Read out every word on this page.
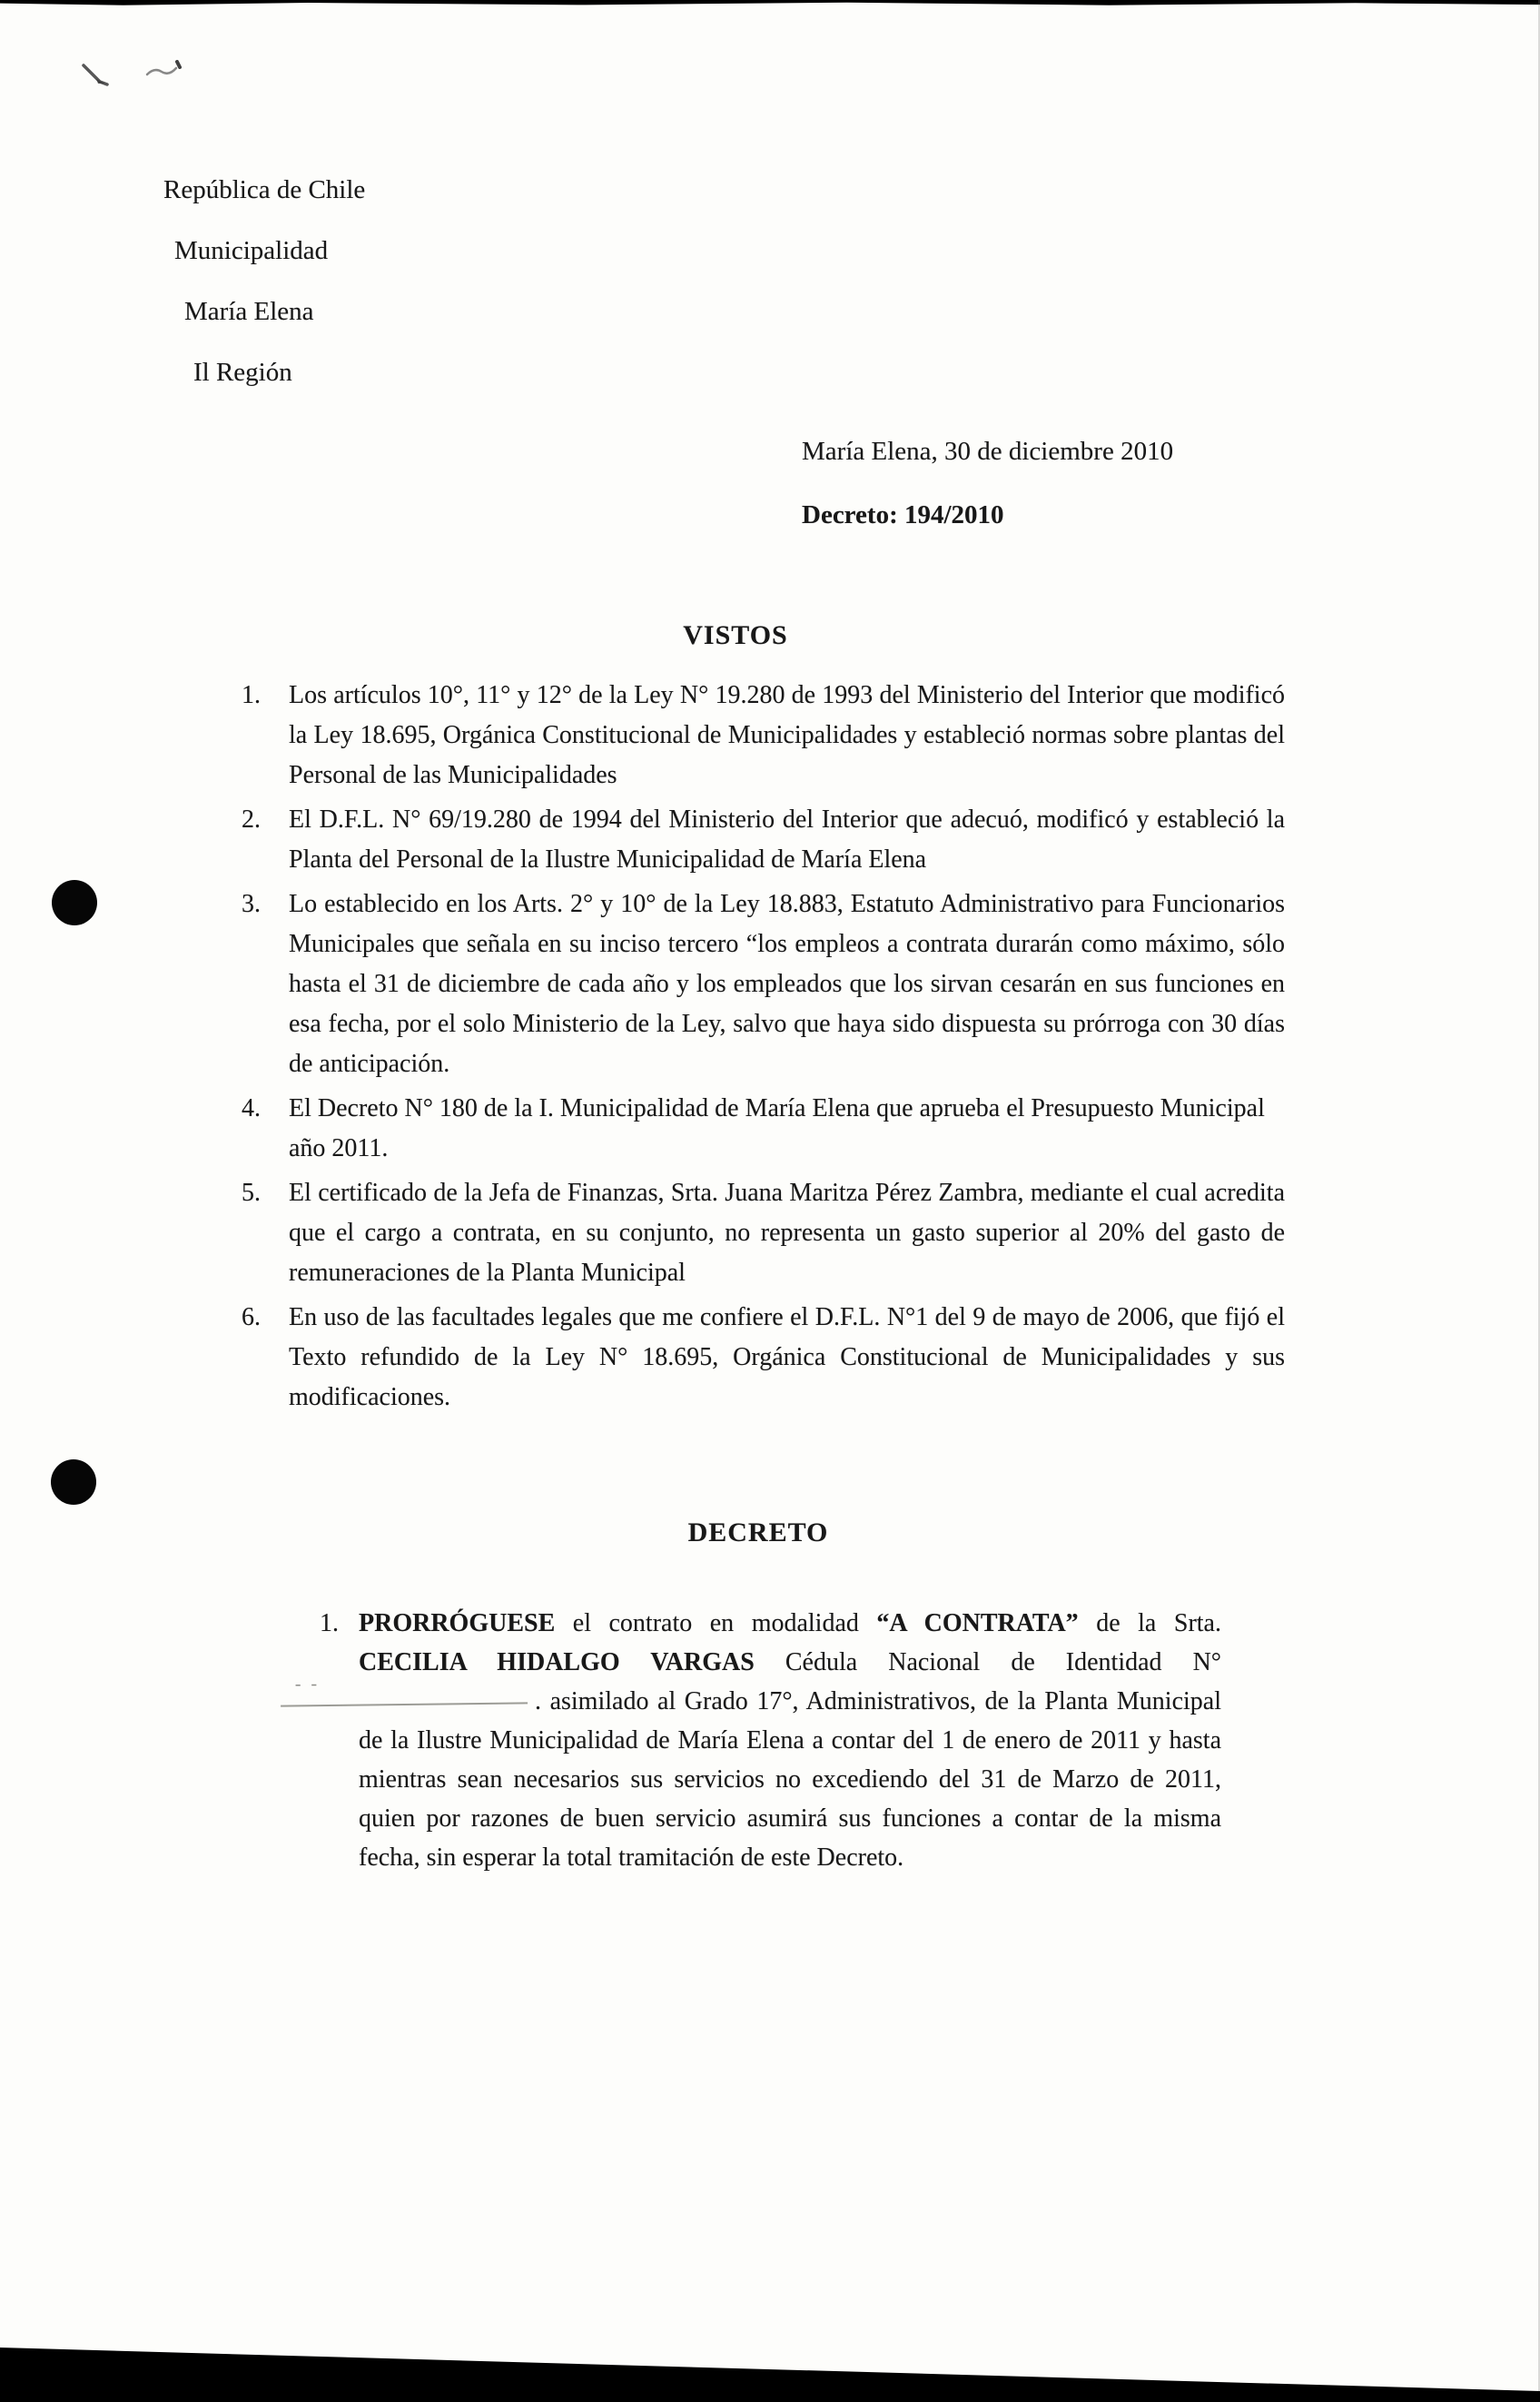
República de Chile
Municipalidad
María Elena
Il Región
María Elena, 30 de diciembre 2010
Decreto: 194/2010
VISTOS
1.	Los artículos 10°, 11° y 12° de la Ley N° 19.280 de 1993 del Ministerio del Interior que modificó la Ley 18.695, Orgánica Constitucional de Municipalidades y estableció normas sobre plantas del Personal de las Municipalidades
2.	El D.F.L. N° 69/19.280 de 1994 del Ministerio del Interior que adecuó, modificó y estableció la Planta del Personal de la Ilustre Municipalidad de María Elena
3.	Lo establecido en los Arts. 2° y 10° de la Ley 18.883, Estatuto Administrativo para Funcionarios Municipales que señala en su inciso tercero “los empleos a contrata durarán como máximo, sólo hasta el 31 de diciembre de cada año y los empleados que los sirvan cesarán en sus funciones en esa fecha, por el solo Ministerio de la Ley, salvo que haya sido dispuesta su prórroga con 30 días de anticipación.
4.	El Decreto N° 180 de la I. Municipalidad de María Elena que aprueba el Presupuesto Municipal año 2011.
5.	El certificado de la Jefa de Finanzas, Srta. Juana Maritza Pérez Zambra, mediante el cual acredita que el cargo a contrata, en su conjunto, no representa un gasto superior al 20% del gasto de remuneraciones de la Planta Municipal
6.	En uso de las facultades legales que me confiere el D.F.L. N°1 del 9 de mayo de 2006, que fijó el Texto refundido de la Ley N° 18.695, Orgánica Constitucional de Municipalidades y sus modificaciones.
DECRETO
1. PRORRÓGUESE el contrato en modalidad “A CONTRATA” de la Srta. CECILIA HIDALGO VARGAS Cédula Nacional de Identidad N° - -. asimilado al Grado 17°, Administrativos, de la Planta Municipal de la Ilustre Municipalidad de María Elena a contar del 1 de enero de 2011 y hasta mientras sean necesarios sus servicios no excediendo del 31 de Marzo de 2011, quien por razones de buen servicio asumirá sus funciones a contar de la misma fecha, sin esperar la total tramitación de este Decreto.
